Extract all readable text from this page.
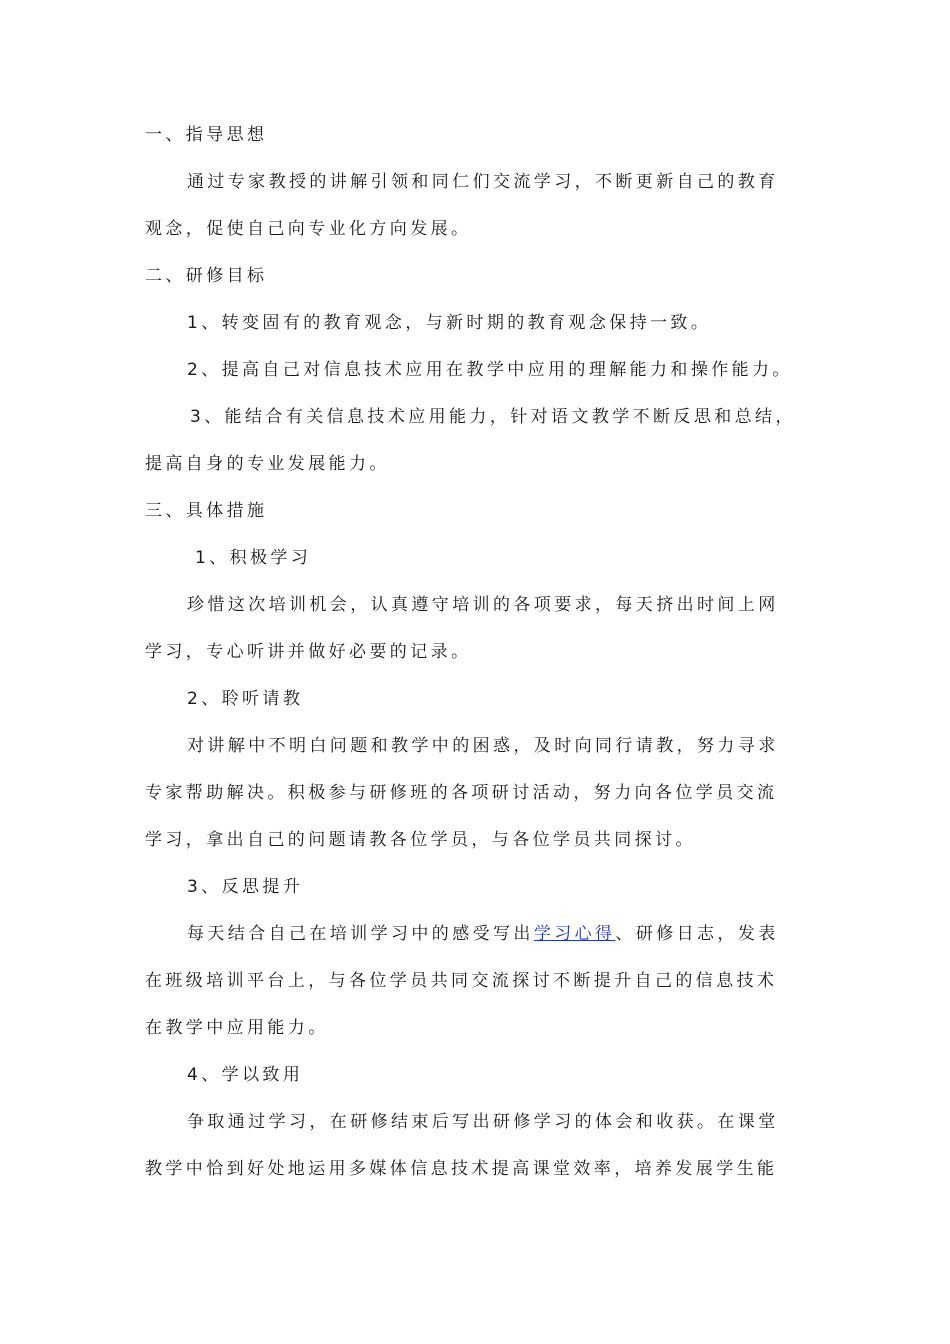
一、指导思想
通过专家教授的讲解引领和同仁们交流学习，不断更新自己的教育
观念，促使自己向专业化方向发展。
二、研修目标
1、转变固有的教育观念，与新时期的教育观念保持一致。
2、提高自己对信息技术应用在教学中应用的理解能力和操作能力。
3、能结合有关信息技术应用能力，针对语文教学不断反思和总结，
提高自身的专业发展能力。
三、具体措施
1、积极学习
珍惜这次培训机会，认真遵守培训的各项要求，每天挤出时间上网
学习，专心听讲并做好必要的记录。
2、聆听请教
对讲解中不明白问题和教学中的困惑，及时向同行请教，努力寻求
专家帮助解决。积极参与研修班的各项研讨活动，努力向各位学员交流
学习，拿出自己的问题请教各位学员，与各位学员共同探讨。
3、反思提升
每天结合自己在培训学习中的感受写出学习心得、研修日志，发表
在班级培训平台上，与各位学员共同交流探讨不断提升自己的信息技术
在教学中应用能力。
4、学以致用
争取通过学习，在研修结束后写出研修学习的体会和收获。在课堂
教学中恰到好处地运用多媒体信息技术提高课堂效率，培养发展学生能
